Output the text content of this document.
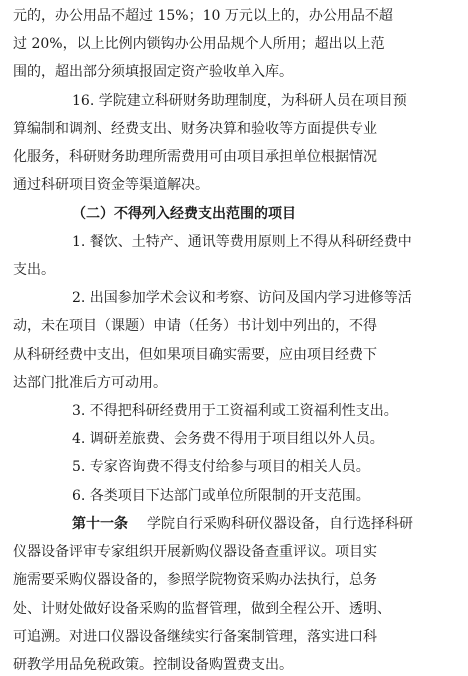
元的，办公用品不超过 15%；10 万元以上的，办公用品不超
过 20%，以上比例内锁钩办公用品规个人所用；超出以上范
围的，超出部分须填报固定资产验收单入库。
16. 学院建立科研财务助理制度，为科研人员在项目预
算编制和调剂、经费支出、财务决算和验收等方面提供专业
化服务，科研财务助理所需费用可由项目承担单位根据情况
通过科研项目资金等渠道解决。
（二）不得列入经费支出范围的项目
1. 餐饮、土特产、通讯等费用原则上不得从科研经费中
支出。
2. 出国参加学术会议和考察、访问及国内学习进修等活
动，未在项目（课题）申请（任务）书计划中列出的，不得
从科研经费中支出，但如果项目确实需要，应由项目经费下
达部门批准后方可动用。
3. 不得把科研经费用于工资福利或工资福利性支出。
4. 调研差旅费、会务费不得用于项目组以外人员。
5. 专家咨询费不得支付给参与项目的相关人员。
6. 各类项目下达部门或单位所限制的开支范围。
第十一条 学院自行采购科研仪器设备，自行选择科研
仪器设备评审专家组织开展新购仪器设备查重评议。项目实
施需要采购仪器设备的，参照学院物资采购办法执行，总务
处、计财处做好设备采购的监督管理，做到全程公开、透明、
可追溯。对进口仪器设备继续实行备案制管理，落实进口科
研教学用品免税政策。控制设备购置费支出。
